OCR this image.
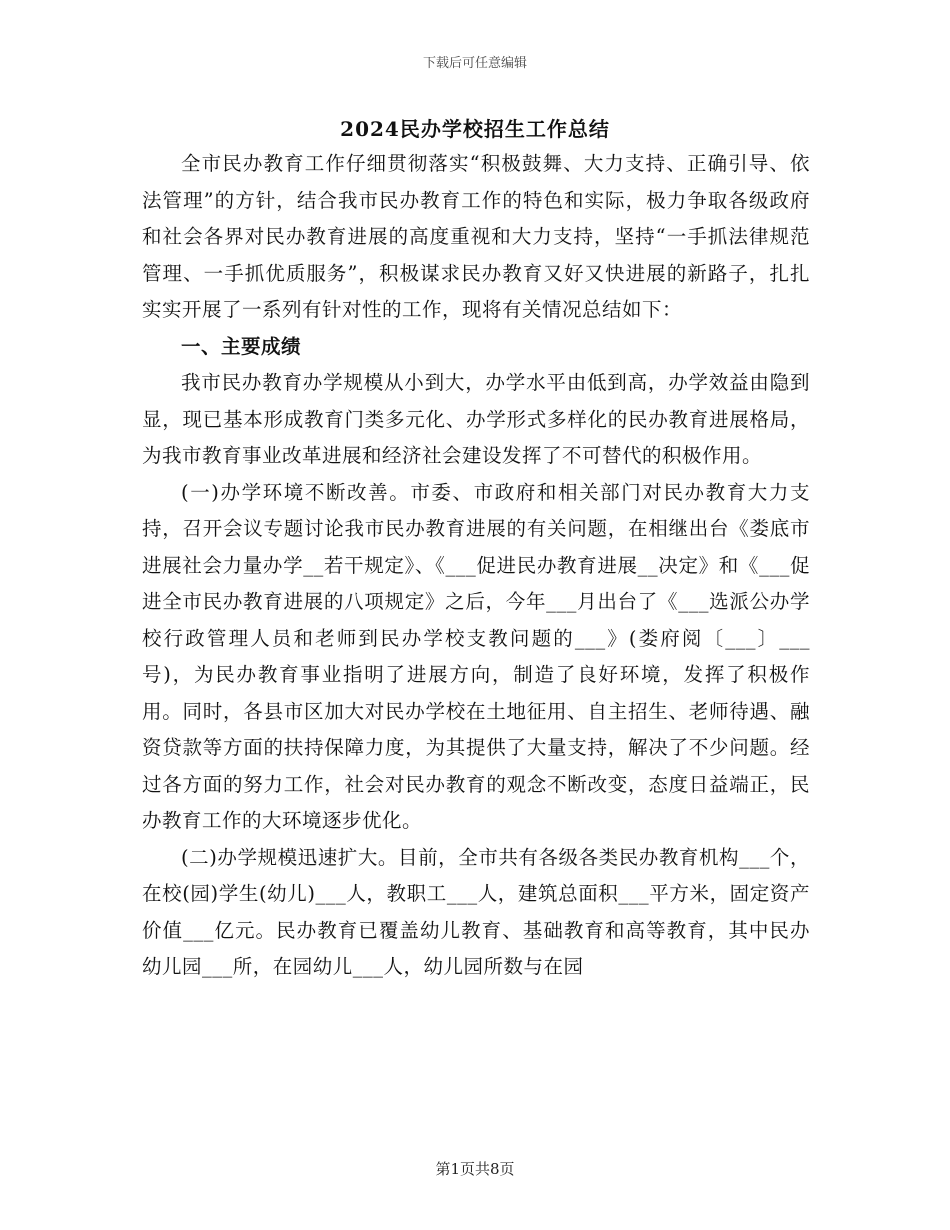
下载后可任意编辑
2024民办学校招生工作总结

全市民办教育工作仔细贯彻落实“积极鼓舞、大力支持、正确引导、依法管理”的方针，结合我市民办教育工作的特色和实际，极力争取各级政府和社会各界对民办教育进展的高度重视和大力支持，坚持“一手抓法律规范管理、一手抓优质服务”，积极谋求民办教育又好又快进展的新路子，扎扎实实开展了一系列有针对性的工作，现将有关情况总结如下：

一、主要成绩

我市民办教育办学规模从小到大，办学水平由低到高，办学效益由隐到显，现已基本形成教育门类多元化、办学形式多样化的民办教育进展格局，为我市教育事业改革进展和经济社会建设发挥了不可替代的积极作用。

(一)办学环境不断改善。市委、市政府和相关部门对民办教育大力支持，召开会议专题讨论我市民办教育进展的有关问题，在相继出台《娄底市进展社会力量办学__若干规定》、《___促进民办教育进展__决定》和《___促进全市民办教育进展的八项规定》之后，今年___月出台了《___选派公办学校行政管理人员和老师到民办学校支教问题的___》(娄府阅〔___〕___号)，为民办教育事业指明了进展方向，制造了良好环境，发挥了积极作用。同时，各县市区加大对民办学校在土地征用、自主招生、老师待遇、融资贷款等方面的扶持保障力度，为其提供了大量支持，解决了不少问题。经过各方面的努力工作，社会对民办教育的观念不断改变，态度日益端正，民办教育工作的大环境逐步优化。

(二)办学规模迅速扩大。目前，全市共有各级各类民办教育机构___个，在校(园)学生(幼儿)___人，教职工___人，建筑总面积___平方米，固定资产价值___亿元。民办教育已覆盖幼儿教育、基础教育和高等教育，其中民办幼儿园___所，在园幼儿___人，幼儿园所数与在园

第1页共8页
